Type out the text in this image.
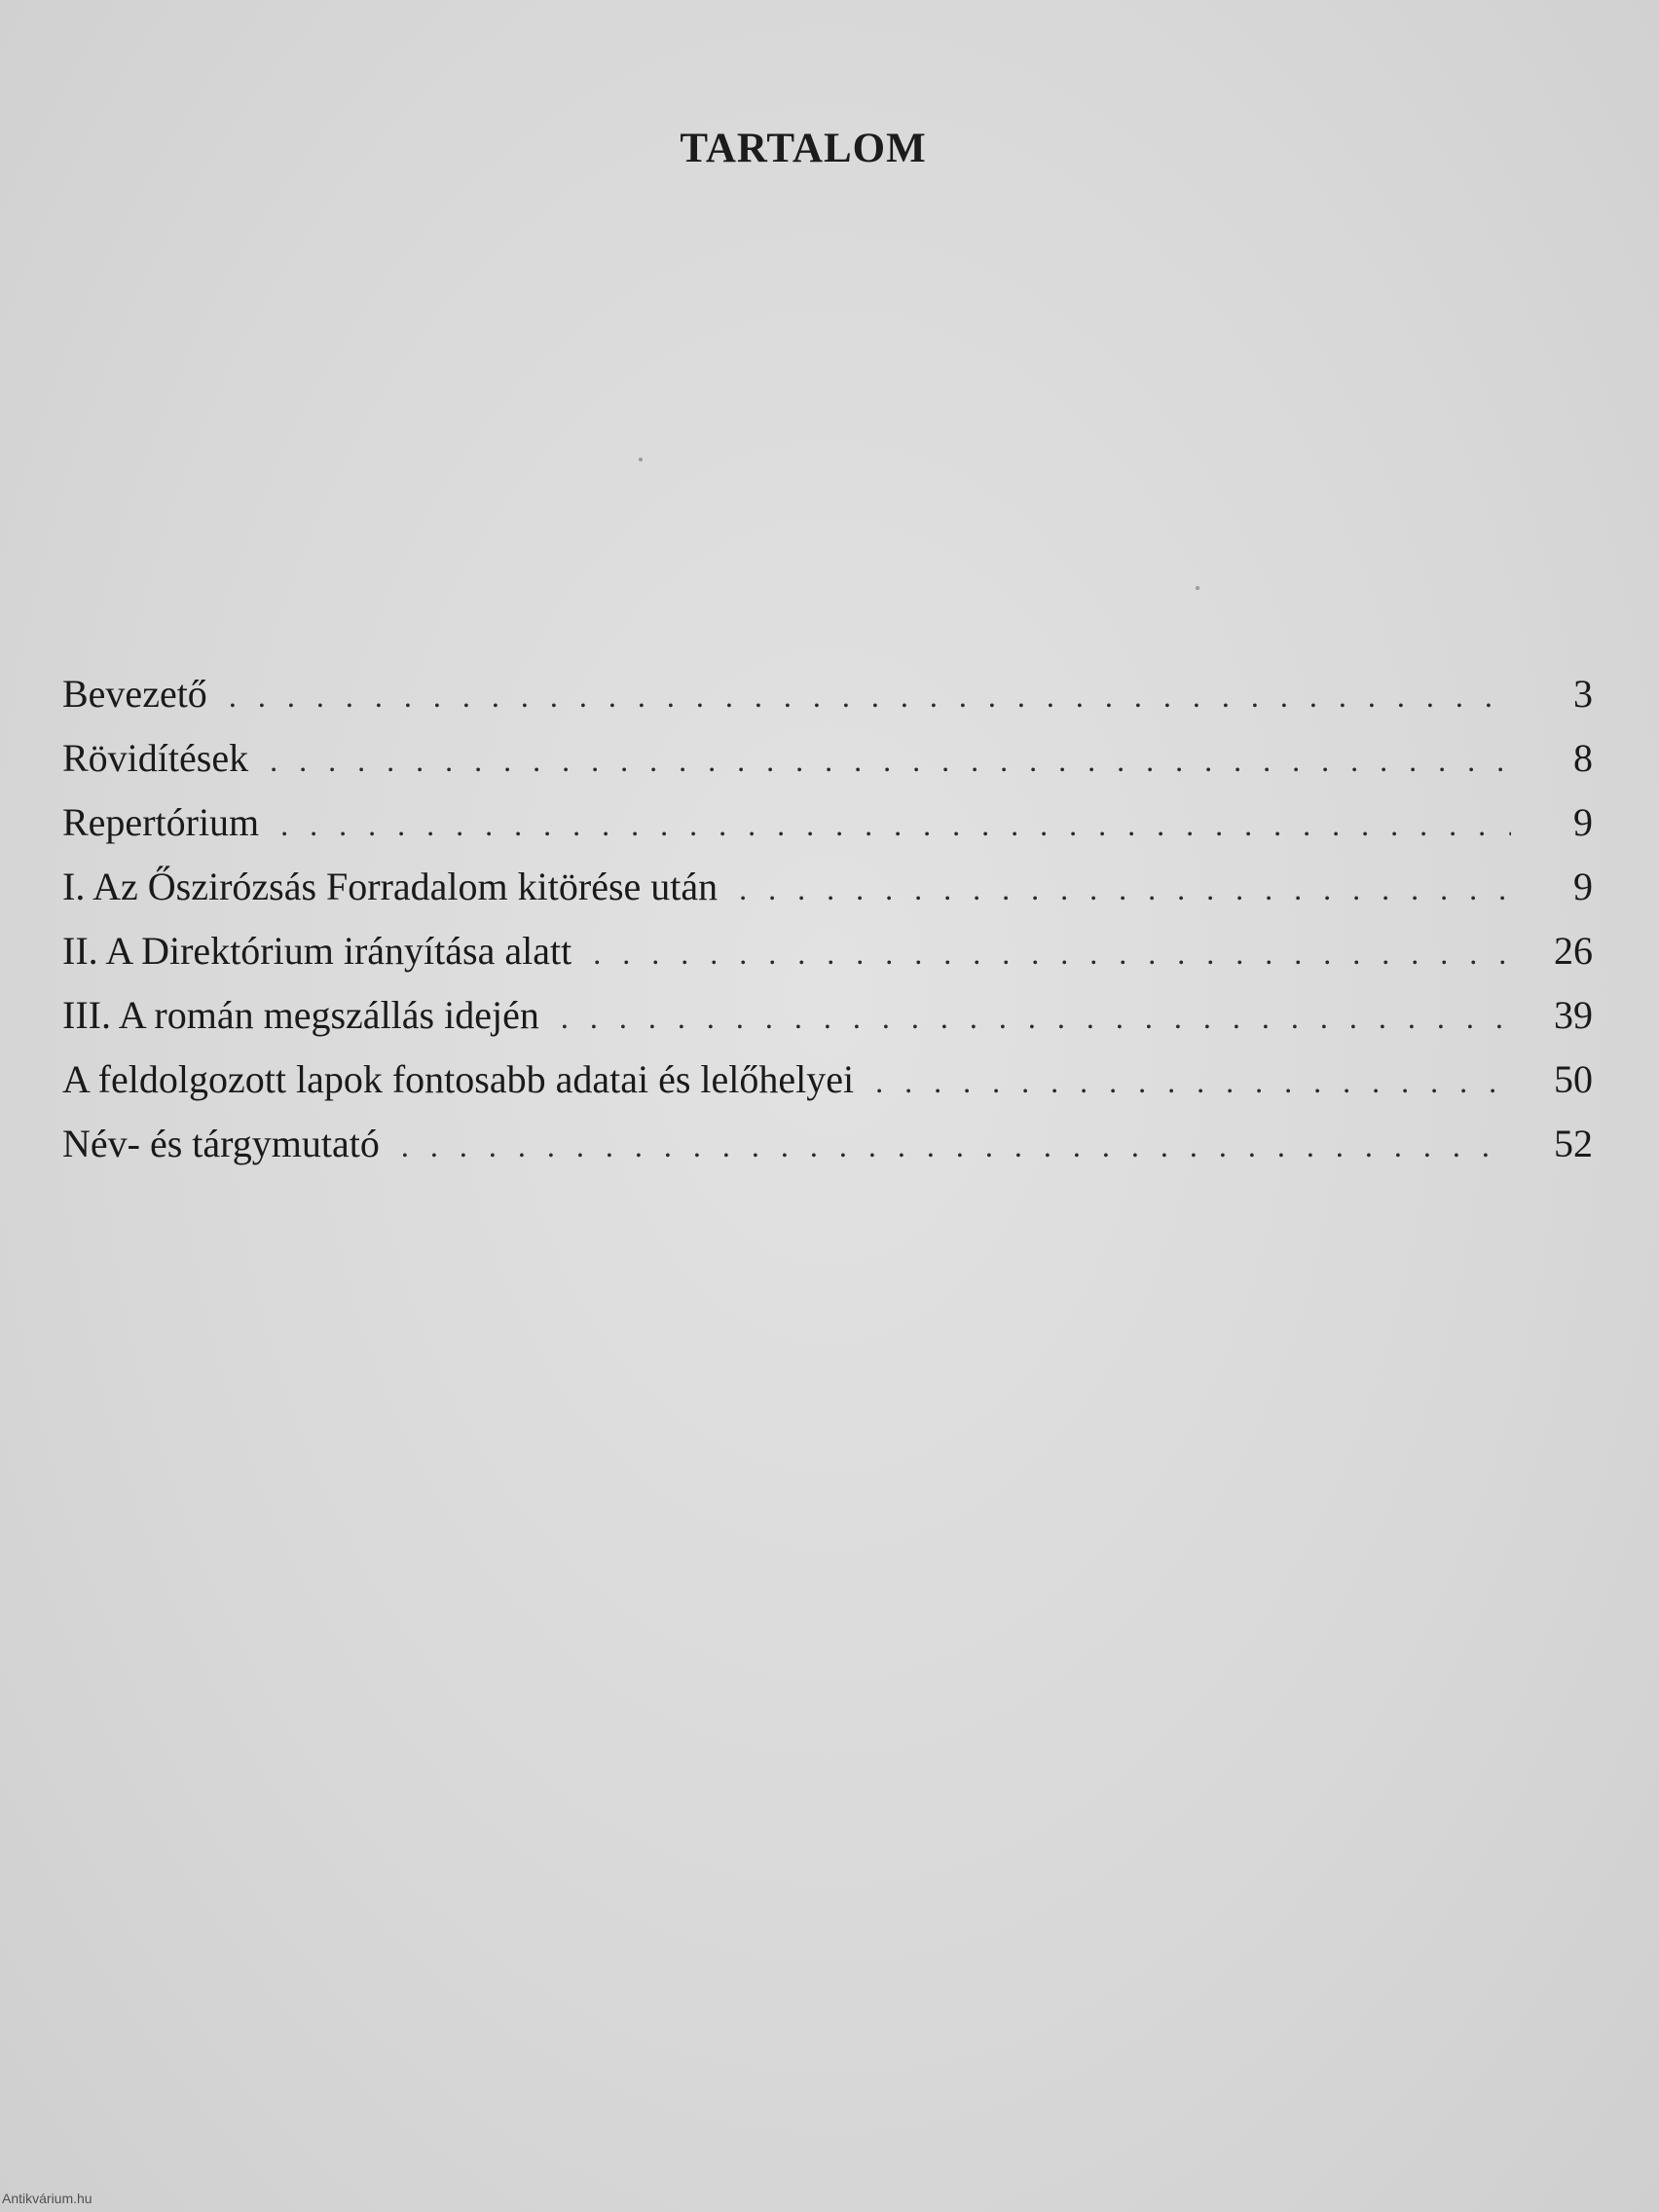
TARTALOM
Bevezető . . .	3
Rövidítések . . .	8
Repertórium . . .	9
I. Az Őszirózsás Forradalom kitörése után . . .	9
II. A Direktórium irányítása alatt . . .	26
III. A román megszállás idején . . .	39
A feldolgozott lapok fontosabb adatai és lelőhelyei . . .	50
Név- és tárgymutató . . .	52
Antikvárium.hu
